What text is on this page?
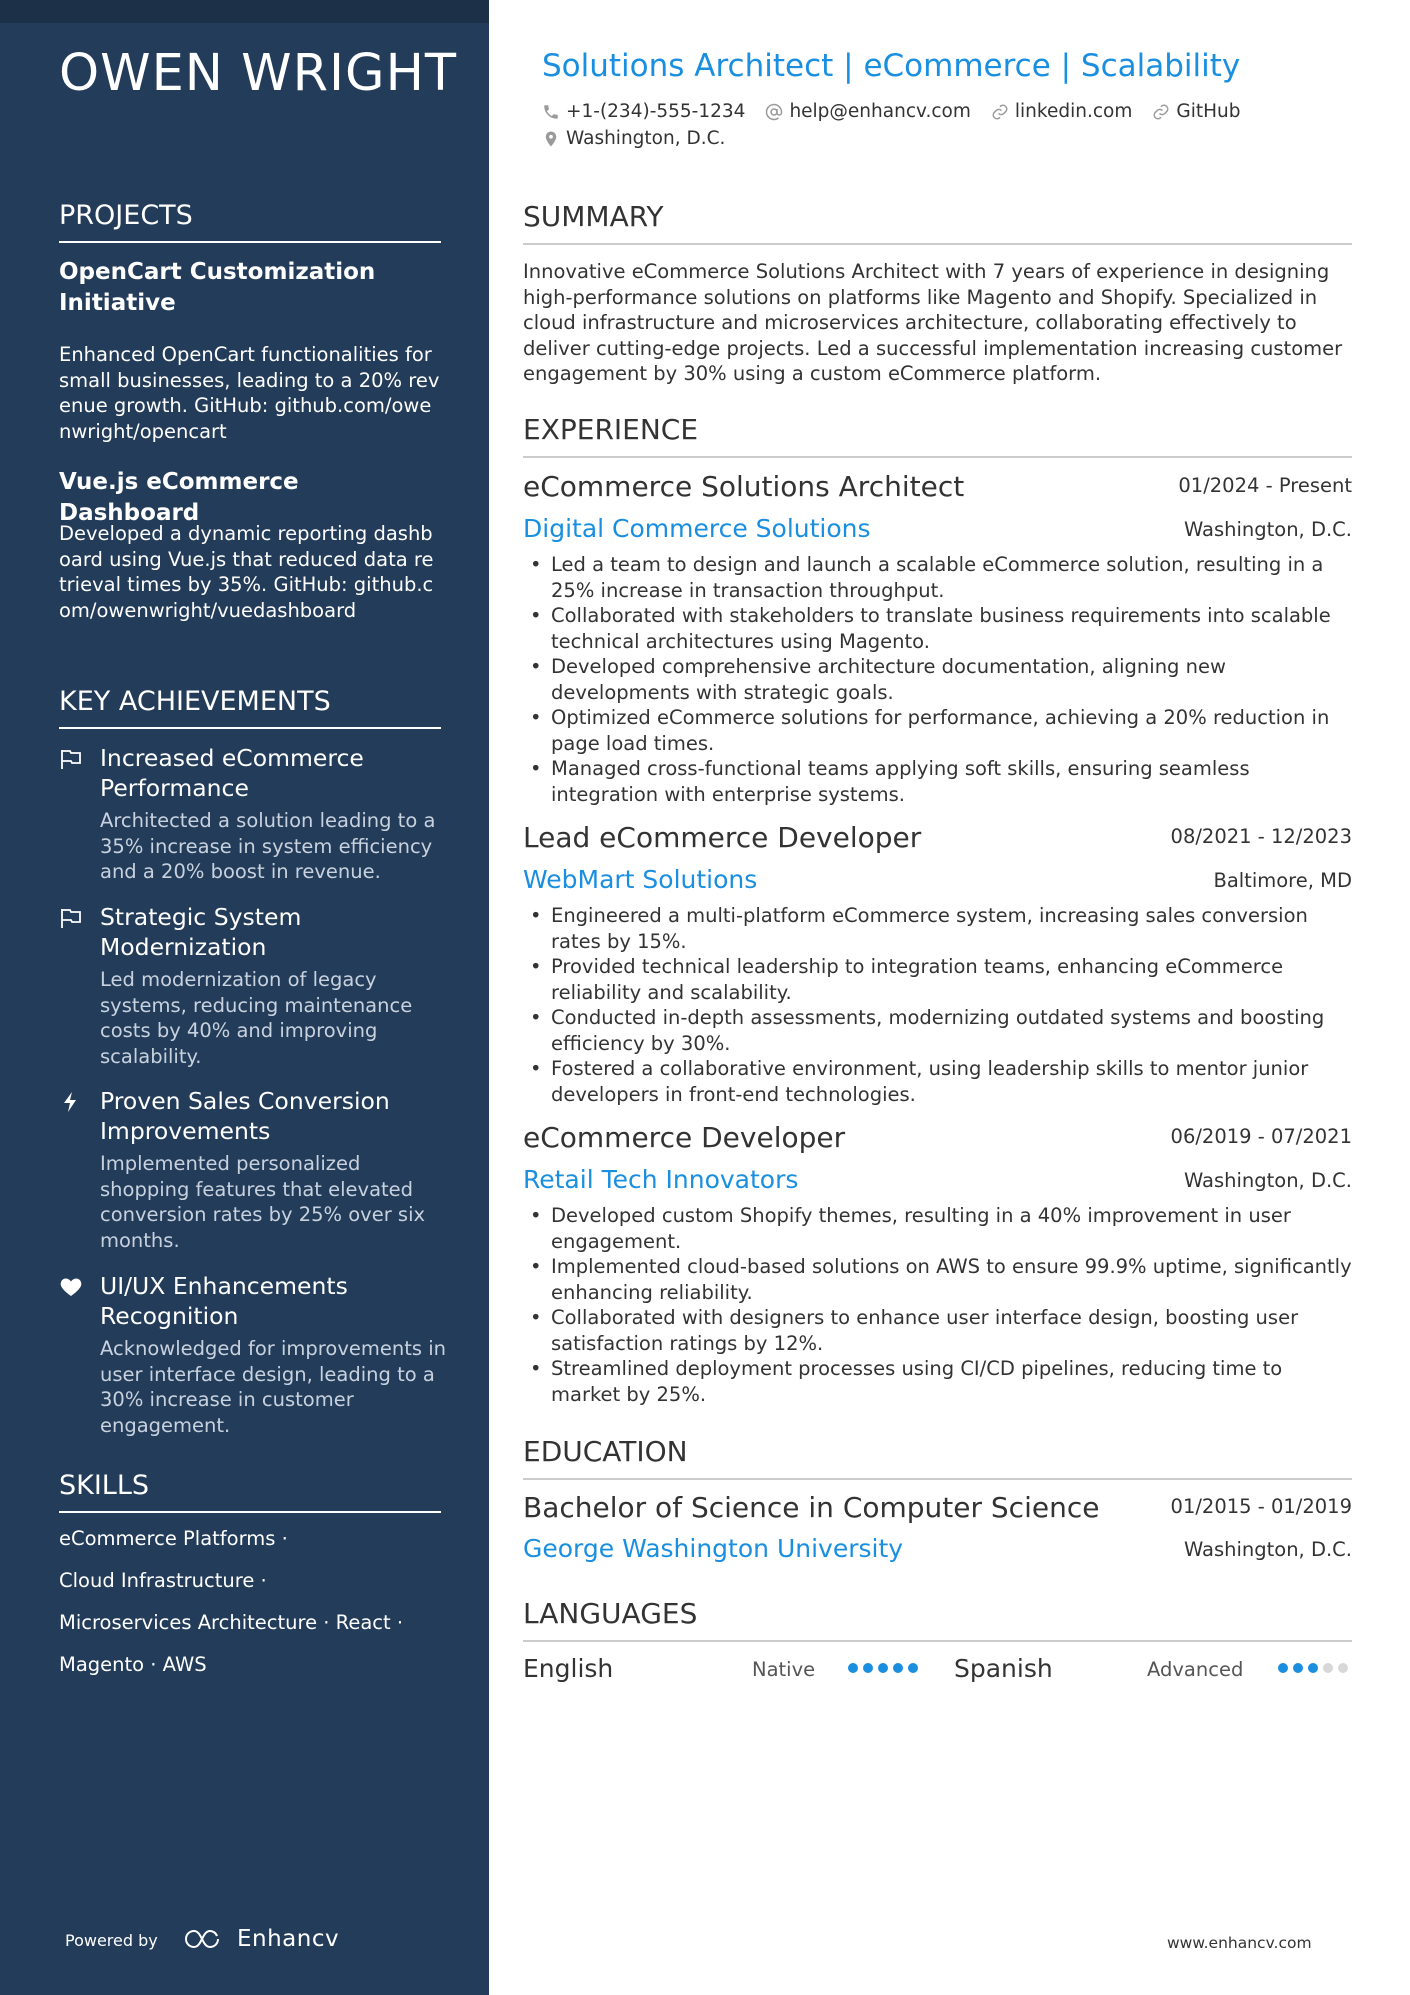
OWEN WRIGHT
PROJECTS
OpenCart Customization Initiative
Enhanced OpenCart functionalities for small businesses, leading to a 20% revenue growth. GitHub: github.com/owenwright/opencart
Vue.js eCommerce Dashboard
Developed a dynamic reporting dashboard using Vue.js that reduced data retrieval times by 35%. GitHub: github.com/owenwright/vuedashboard
KEY ACHIEVEMENTS
Increased eCommerce Performance
Architected a solution leading to a 35% increase in system efficiency and a 20% boost in revenue.
Strategic System Modernization
Led modernization of legacy systems, reducing maintenance costs by 40% and improving scalability.
Proven Sales Conversion Improvements
Implemented personalized shopping features that elevated conversion rates by 25% over six months.
UI/UX Enhancements Recognition
Acknowledged for improvements in user interface design, leading to a 30% increase in customer engagement.
SKILLS
eCommerce Platforms ·
Cloud Infrastructure ·
Microservices Architecture · React ·
Magento · AWS
Powered by	Enhancv
Solutions Architect | eCommerce | Scalability
+1-(234)-555-1234 help@enhancv.com linkedin.com GitHub
Washington, D.C.
SUMMARY
Innovative eCommerce Solutions Architect with 7 years of experience in designing high-performance solutions on platforms like Magento and Shopify. Specialized in cloud infrastructure and microservices architecture, collaborating effectively to deliver cutting-edge projects. Led a successful implementation increasing customer engagement by 30% using a custom eCommerce platform.
EXPERIENCE
eCommerce Solutions Architect	01/2024 - Present
Digital Commerce Solutions	Washington, D.C.
• Led a team to design and launch a scalable eCommerce solution, resulting in a 25% increase in transaction throughput.
• Collaborated with stakeholders to translate business requirements into scalable technical architectures using Magento.
• Developed comprehensive architecture documentation, aligning new developments with strategic goals.
• Optimized eCommerce solutions for performance, achieving a 20% reduction in page load times.
• Managed cross-functional teams applying soft skills, ensuring seamless integration with enterprise systems.
Lead eCommerce Developer	08/2021 - 12/2023
WebMart Solutions	Baltimore, MD
• Engineered a multi-platform eCommerce system, increasing sales conversion rates by 15%.
• Provided technical leadership to integration teams, enhancing eCommerce reliability and scalability.
• Conducted in-depth assessments, modernizing outdated systems and boosting efficiency by 30%.
• Fostered a collaborative environment, using leadership skills to mentor junior developers in front-end technologies.
eCommerce Developer	06/2019 - 07/2021
Retail Tech Innovators	Washington, D.C.
• Developed custom Shopify themes, resulting in a 40% improvement in user engagement.
• Implemented cloud-based solutions on AWS to ensure 99.9% uptime, significantly enhancing reliability.
• Collaborated with designers to enhance user interface design, boosting user satisfaction ratings by 12%.
• Streamlined deployment processes using CI/CD pipelines, reducing time to market by 25%.
EDUCATION
Bachelor of Science in Computer Science	01/2015 - 01/2019
George Washington University	Washington, D.C.
LANGUAGES
English	Native	Spanish	Advanced
www.enhancv.com
